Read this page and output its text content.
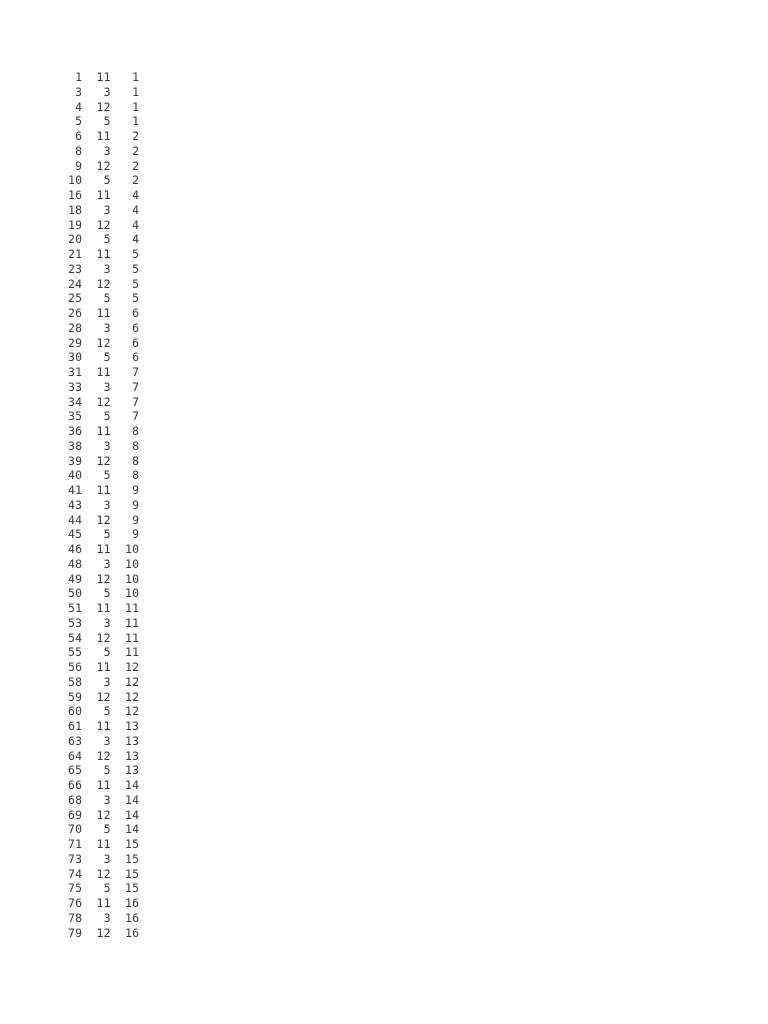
1  11   1
3   3   1
4  12   1
5   5   1
6  11   2
8   3   2
9  12   2
10   5   2
16  11   4
18   3   4
19  12   4
20   5   4
21  11   5
23   3   5
24  12   5
25   5   5
26  11   6
28   3   6
29  12   6
30   5   6
31  11   7
33   3   7
34  12   7
35   5   7
36  11   8
38   3   8
39  12   8
40   5   8
41  11   9
43   3   9
44  12   9
45   5   9
46  11  10
48   3  10
49  12  10
50   5  10
51  11  11
53   3  11
54  12  11
55   5  11
56  11  12
58   3  12
59  12  12
60   5  12
61  11  13
63   3  13
64  12  13
65   5  13
66  11  14
68   3  14
69  12  14
70   5  14
71  11  15
73   3  15
74  12  15
75   5  15
76  11  16
78   3  16
79  12  16
